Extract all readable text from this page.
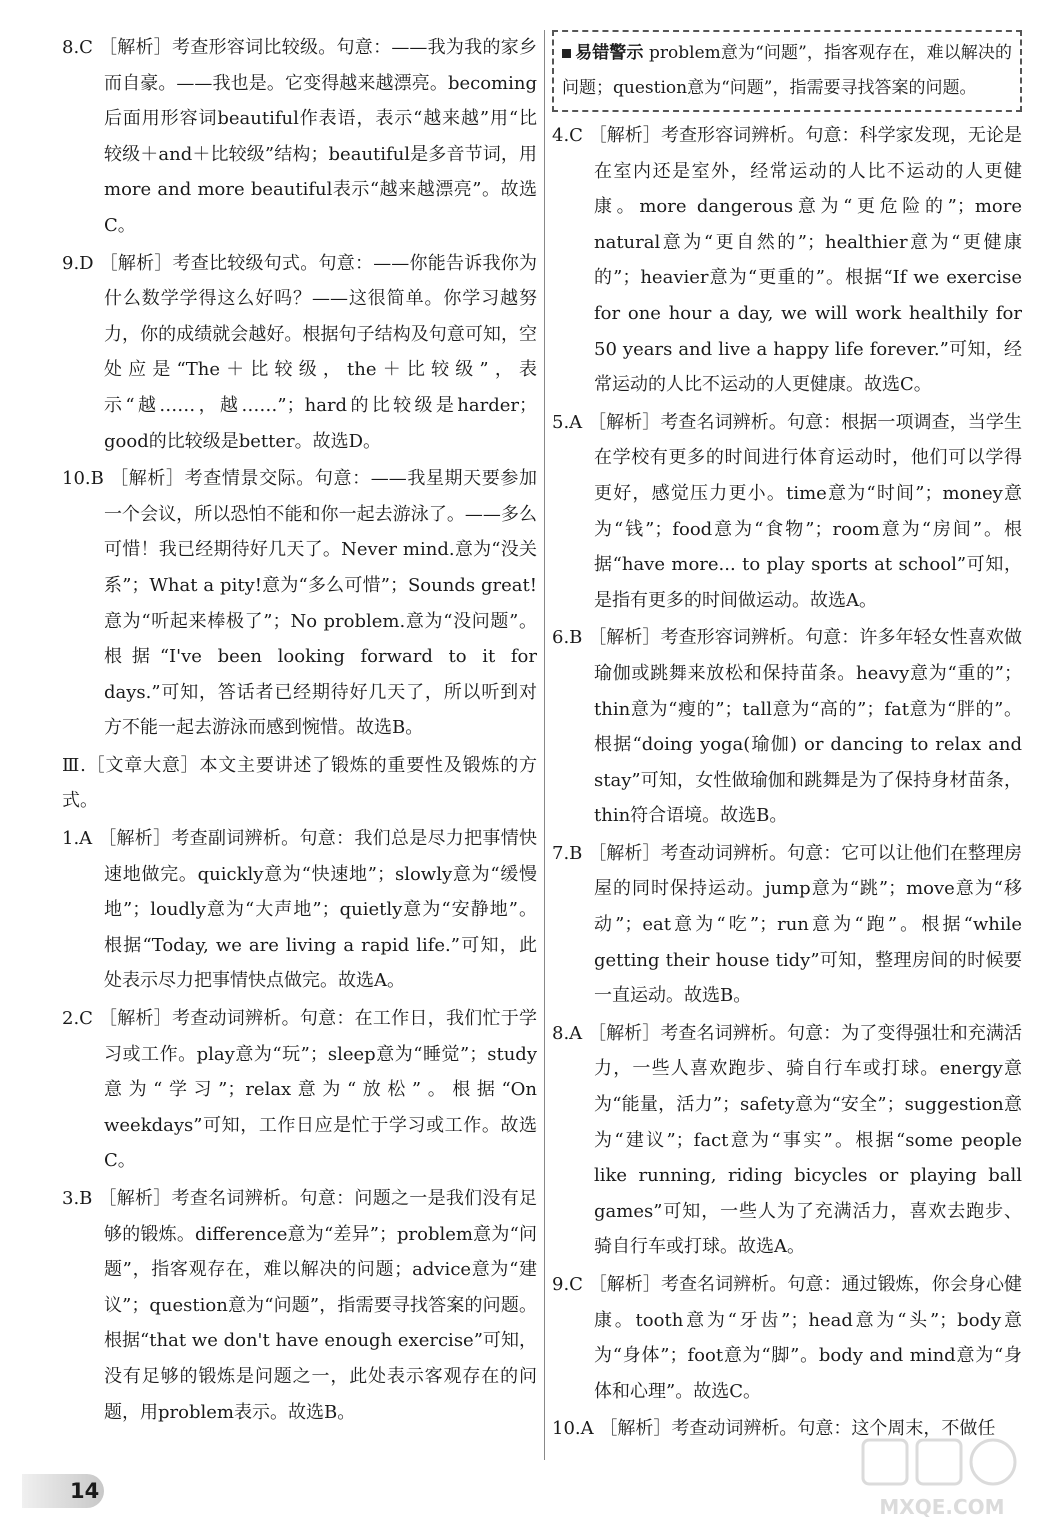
8.C ［解析］考查形容词比较级。句意：——我为我的家乡而自豪。——我也是。它变得越来越漂亮。becoming后面用形容词beautiful作表语，表示“越来越”用“比较级＋and＋比较级”结构；beautiful是多音节词，用more and more beautiful表示“越来越漂亮”。故选C。
9.D ［解析］考查比较级句式。句意：——你能告诉我你为什么数学学得这么好吗？——这很简单。你学习越努力，你的成绩就会越好。根据句子结构及句意可知，空处应是“The＋比较级，the＋比较级”，表示“越……，越……”；hard的比较级是harder；good的比较级是better。故选D。
10.B ［解析］考查情景交际。句意：——我星期天要参加一个会议，所以恐怕不能和你一起去游泳了。——多么可惜！我已经期待好几天了。Never mind.意为“没关系”；What a pity!意为“多么可惜”；Sounds great!意为“听起来棒极了”；No problem.意为“没问题”。根据“I've been looking forward to it for days.”可知，答话者已经期待好几天了，所以听到对方不能一起去游泳而感到惋惜。故选B。
Ⅲ.［文章大意］本文主要讲述了锻炼的重要性及锻炼的方式。
1.A ［解析］考查副词辨析。句意：我们总是尽力把事情快速地做完。quickly意为“快速地”；slowly意为“缓慢地”；loudly意为“大声地”；quietly意为“安静地”。根据“Today, we are living a rapid life.”可知，此处表示尽力把事情快点做完。故选A。
2.C ［解析］考查动词辨析。句意：在工作日，我们忙于学习或工作。play意为“玩”；sleep意为“睡觉”；study意为“学习”；relax意为“放松”。根据“On weekdays”可知，工作日应是忙于学习或工作。故选C。
3.B ［解析］考查名词辨析。句意：问题之一是我们没有足够的锻炼。difference意为“差异”；problem意为“问题”，指客观存在，难以解决的问题；advice意为“建议”；question意为“问题”，指需要寻找答案的问题。根据“that we don't have enough exercise”可知，没有足够的锻炼是问题之一，此处表示客观存在的问题，用problem表示。故选B。
易错警示 problem意为“问题”，指客观存在，难以解决的问题；question意为“问题”，指需要寻找答案的问题。
4.C ［解析］考查形容词辨析。句意：科学家发现，无论是在室内还是室外，经常运动的人比不运动的人更健康。more dangerous意为“更危险的”；more natural意为“更自然的”；healthier意为“更健康的”；heavier意为“更重的”。根据“If we exercise for one hour a day, we will work healthily for 50 years and live a happy life forever.”可知，经常运动的人比不运动的人更健康。故选C。
5.A ［解析］考查名词辨析。句意：根据一项调查，当学生在学校有更多的时间进行体育运动时，他们可以学得更好，感觉压力更小。time意为“时间”；money意为“钱”；food意为“食物”；room意为“房间”。根据“have more... to play sports at school”可知，是指有更多的时间做运动。故选A。
6.B ［解析］考查形容词辨析。句意：许多年轻女性喜欢做瑜伽或跳舞来放松和保持苗条。heavy意为“重的”；thin意为“瘦的”；tall意为“高的”；fat意为“胖的”。根据“doing yoga(瑜伽) or dancing to relax and stay”可知，女性做瑜伽和跳舞是为了保持身材苗条，thin符合语境。故选B。
7.B ［解析］考查动词辨析。句意：它可以让他们在整理房屋的同时保持运动。jump意为“跳”；move意为“移动”；eat意为“吃”；run意为“跑”。根据“while getting their house tidy”可知，整理房间的时候要一直运动。故选B。
8.A ［解析］考查名词辨析。句意：为了变得强壮和充满活力，一些人喜欢跑步、骑自行车或打球。energy意为“能量，活力”；safety意为“安全”；suggestion意为“建议”；fact意为“事实”。根据“some people like running, riding bicycles or playing ball games”可知，一些人为了充满活力，喜欢去跑步、骑自行车或打球。故选A。
9.C ［解析］考查名词辨析。句意：通过锻炼，你会身心健康。tooth意为“牙齿”；head意为“头”；body意为“身体”；foot意为“脚”。body and mind意为“身体和心理”。故选C。
10.A ［解析］考查动词辨析。句意：这个周末，不做任
14
MXQE.COM
